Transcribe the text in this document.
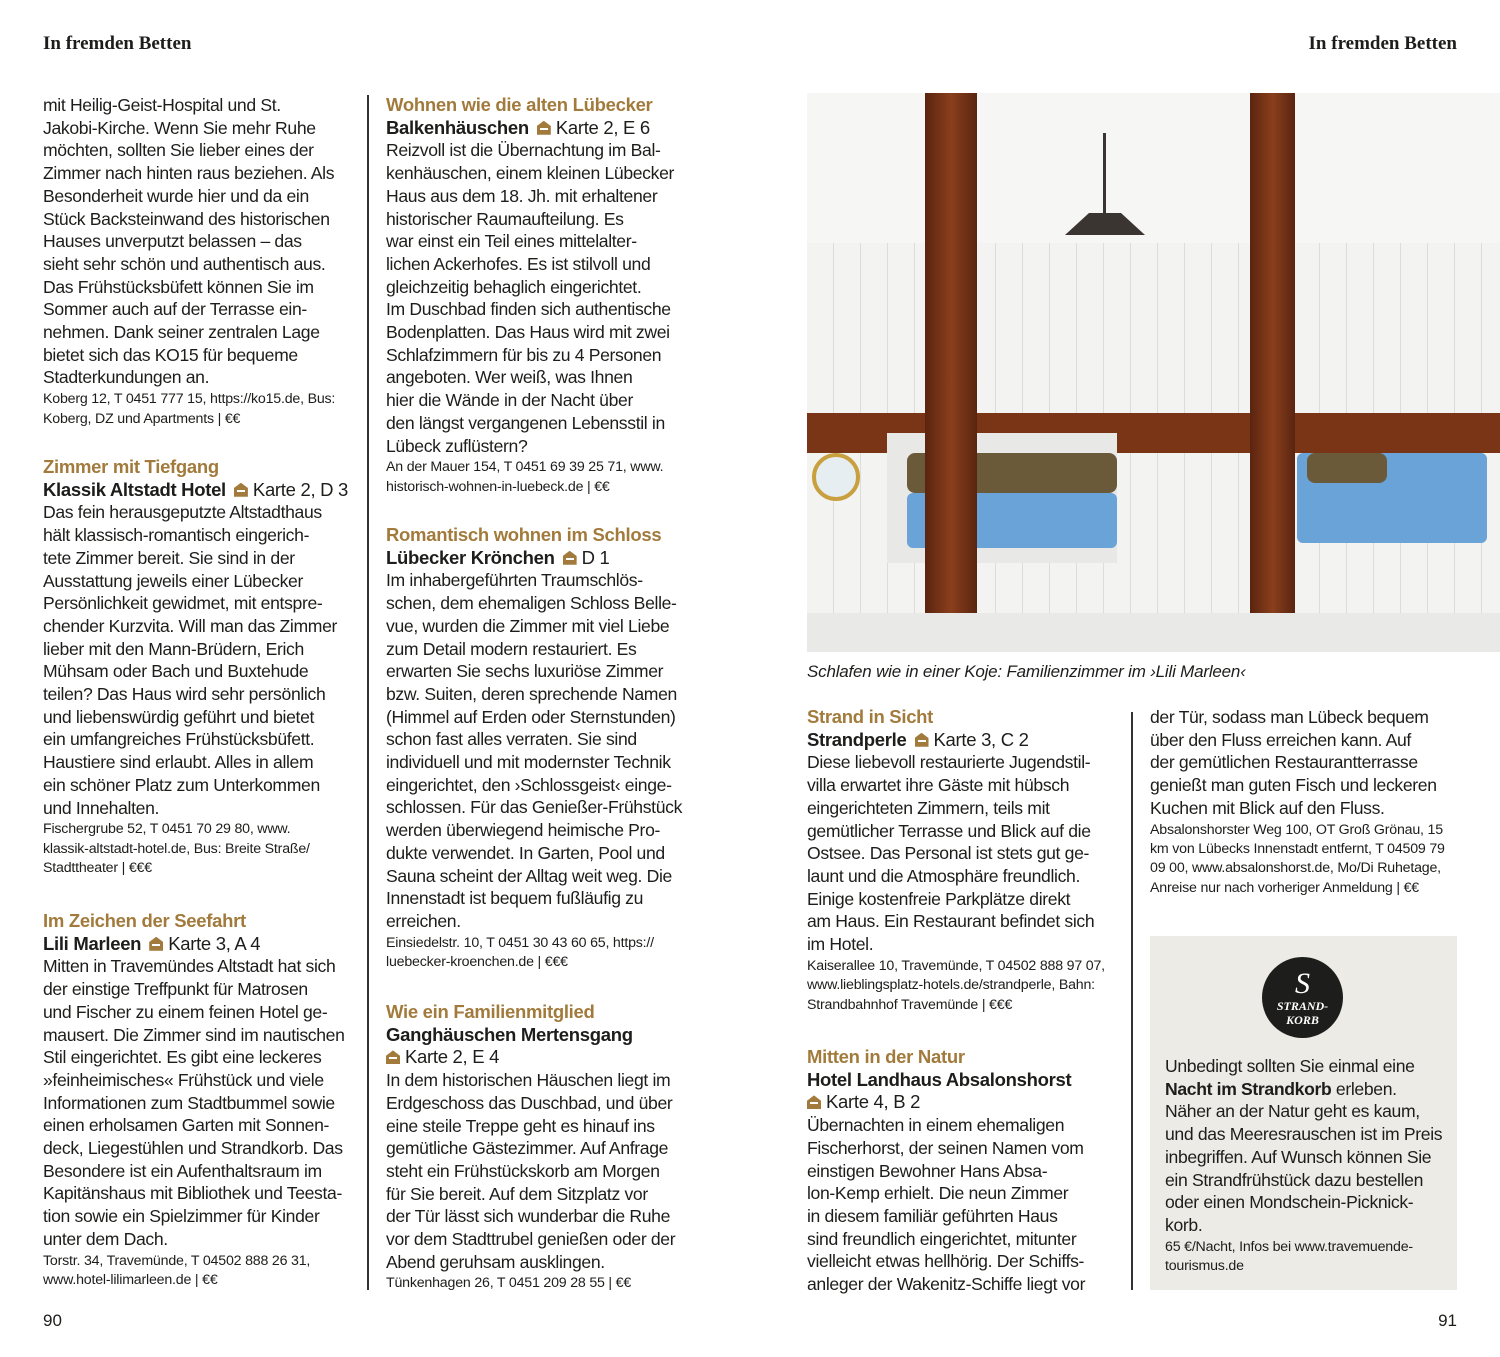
In fremden Betten	In fremden Betten
mit Heilig-Geist-Hospital und St.
Jakobi-Kirche. Wenn Sie mehr Ruhe
möchten, sollten Sie lieber eines der
Zimmer nach hinten raus beziehen. Als
Besonderheit wurde hier und da ein
Stück Backsteinwand des historischen
Hauses unverputzt belassen – das
sieht sehr schön und authentisch aus.
Das Frühstücksbüfett können Sie im
Sommer auch auf der Terrasse ein-
nehmen. Dank seiner zentralen Lage
bietet sich das KO15 für bequeme
Stadterkundungen an.
Koberg 12, T 0451 777 15, https://ko15.de, Bus:
Koberg, DZ und Apartments | €€
Zimmer mit Tiefgang
Klassik Altstadt Hotel Karte 2, D 3
Das fein herausgeputzte Altstadthaus
hält klassisch-romantisch eingerich-
tete Zimmer bereit. Sie sind in der
Ausstattung jeweils einer Lübecker
Persönlichkeit gewidmet, mit entspre-
chender Kurzvita. Will man das Zimmer
lieber mit den Mann-Brüdern, Erich
Mühsam oder Bach und Buxtehude
teilen? Das Haus wird sehr persönlich
und liebenswürdig geführt und bietet
ein umfangreiches Frühstücksbüfett.
Haustiere sind erlaubt. Alles in allem
ein schöner Platz zum Unterkommen
und Innehalten.
Fischergrube 52, T 0451 70 29 80, www.
klassik-altstadt-hotel.de, Bus: Breite Straße/
Stadttheater | €€€
Im Zeichen der Seefahrt
Lili Marleen Karte 3, A 4
Mitten in Travemündes Altstadt hat sich
der einstige Treffpunkt für Matrosen
und Fischer zu einem feinen Hotel ge-
mausert. Die Zimmer sind im nautischen
Stil eingerichtet. Es gibt eine leckeres
»feinheimisches« Frühstück und viele
Informationen zum Stadtbummel sowie
einen erholsamen Garten mit Sonnen-
deck, Liegestühlen und Strandkorb. Das
Besondere ist ein Aufenthaltsraum im
Kapitänshaus mit Bibliothek und Teesta-
tion sowie ein Spielzimmer für Kinder
unter dem Dach.
Torstr. 34, Travemünde, T 04502 888 26 31,
www.hotel-lilimarleen.de | €€
Wohnen wie die alten Lübecker
Balkenhäuschen Karte 2, E 6
Reizvoll ist die Übernachtung im Bal-
kenhäuschen, einem kleinen Lübecker
Haus aus dem 18. Jh. mit erhaltener
historischer Raumaufteilung. Es
war einst ein Teil eines mittelalter-
lichen Ackerhofes. Es ist stilvoll und
gleichzeitig behaglich eingerichtet.
Im Duschbad finden sich authentische
Bodenplatten. Das Haus wird mit zwei
Schlafzimmern für bis zu 4 Personen
angeboten. Wer weiß, was Ihnen
hier die Wände in der Nacht über
den längst vergangenen Lebensstil in
Lübeck zuflüstern?
An der Mauer 154, T 0451 69 39 25 71, www.
historisch-wohnen-in-luebeck.de | €€
Romantisch wohnen im Schloss
Lübecker Krönchen D 1
Im inhabergeführten Traumschlös-
schen, dem ehemaligen Schloss Belle-
vue, wurden die Zimmer mit viel Liebe
zum Detail modern restauriert. Es
erwarten Sie sechs luxuriöse Zimmer
bzw. Suiten, deren sprechende Namen
(Himmel auf Erden oder Sternstunden)
schon fast alles verraten. Sie sind
individuell und mit modernster Technik
eingerichtet, den ›Schlossgeist‹ einge-
schlossen. Für das Genießer-Frühstück
werden überwiegend heimische Pro-
dukte verwendet. In Garten, Pool und
Sauna scheint der Alltag weit weg. Die
Innenstadt ist bequem fußläufig zu
erreichen.
Einsiedelstr. 10, T 0451 30 43 60 65, https://
luebecker-kroenchen.de | €€€
Wie ein Familienmitglied
Ganghäuschen Mertensgang
Karte 2, E 4
In dem historischen Häuschen liegt im
Erdgeschoss das Duschbad, und über
eine steile Treppe geht es hinauf ins
gemütliche Gästezimmer. Auf Anfrage
steht ein Frühstückskorb am Morgen
für Sie bereit. Auf dem Sitzplatz vor
der Tür lässt sich wunderbar die Ruhe
vor dem Stadttrubel genießen oder der
Abend geruhsam ausklingen.
Tünkenhagen 26, T 0451 209 28 55 | €€
Schlafen wie in einer Koje: Familienzimmer im ›Lili Marleen‹
Strand in Sicht
Strandperle Karte 3, C 2
Diese liebevoll restaurierte Jugendstil-
villa erwartet ihre Gäste mit hübsch
eingerichteten Zimmern, teils mit
gemütlicher Terrasse und Blick auf die
Ostsee. Das Personal ist stets gut ge-
launt und die Atmosphäre freundlich.
Einige kostenfreie Parkplätze direkt
am Haus. Ein Restaurant befindet sich
im Hotel.
Kaiserallee 10, Travemünde, T 04502 888 97 07,
www.lieblingsplatz-hotels.de/strandperle, Bahn:
Strandbahnhof Travemünde | €€€
Mitten in der Natur
Hotel Landhaus Absalonshorst
Karte 4, B 2
Übernachten in einem ehemaligen
Fischerhorst, der seinen Namen vom
einstigen Bewohner Hans Absa-
lon-Kemp erhielt. Die neun Zimmer
in diesem familiär geführten Haus
sind freundlich eingerichtet, mitunter
vielleicht etwas hellhörig. Der Schiffs-
anleger der Wakenitz-Schiffe liegt vor
der Tür, sodass man Lübeck bequem
über den Fluss erreichen kann. Auf
der gemütlichen Restaurantterrasse
genießt man guten Fisch und leckeren
Kuchen mit Blick auf den Fluss.
Absalonshorster Weg 100, OT Groß Grönau, 15
km von Lübecks Innenstadt entfernt, T 04509 79
09 00, www.absalonshorst.de, Mo/Di Ruhetage,
Anreise nur nach vorheriger Anmeldung | €€
S
STRAND-
KORB
Unbedingt sollten Sie einmal eine
Nacht im Strandkorb erleben.
Näher an der Natur geht es kaum,
und das Meeresrauschen ist im Preis
inbegriffen. Auf Wunsch können Sie
ein Strandfrühstück dazu bestellen
oder einen Mondschein-Picknick-
korb.
65 €/Nacht, Infos bei www.travemuende-
tourismus.de
90	91
